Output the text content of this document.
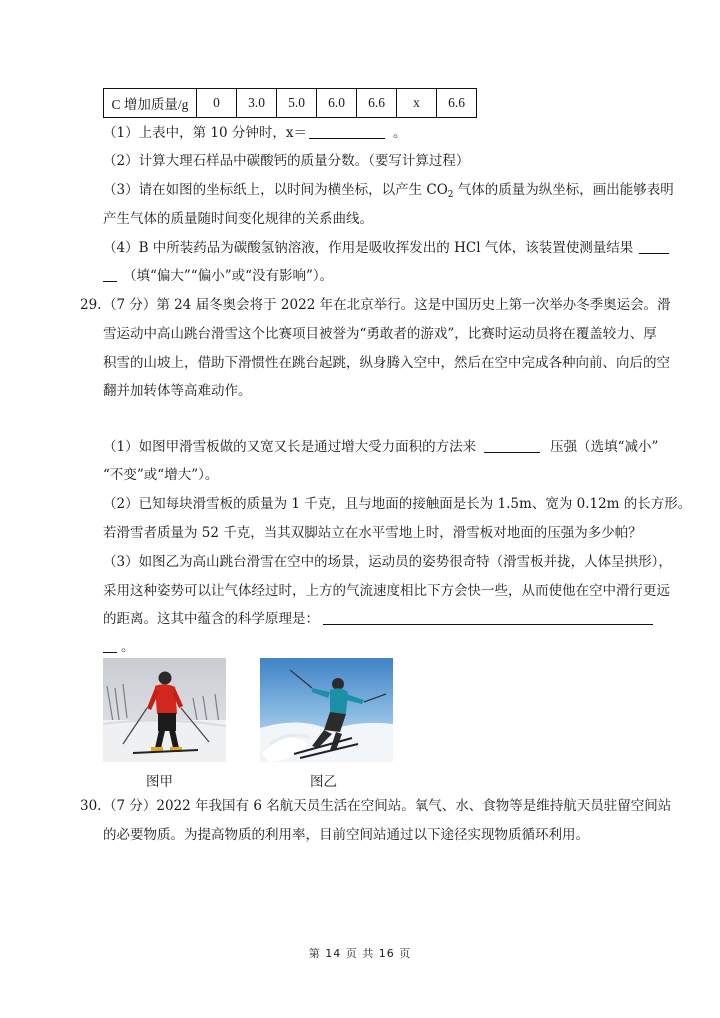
C 增加质量/g	0	3.0	5.0	6.0	6.6	x	6.6
（1）上表中，第 10 分钟时，x＝	。
（2）计算大理石样品中碳酸钙的质量分数。（要写计算过程）
（3）请在如图的坐标纸上，以时间为横坐标，以产生 $CO_2$ 气体的质量为纵坐标，画出能够表明
产生气体的质量随时间变化规律的关系曲线。
（4）B 中所装药品为碳酸氢钠溶液，作用是吸收挥发出的 HCl 气体，该装置使测量结果
（填“偏大”“偏小”或“没有影响”）。
29. （7 分）第 24 届冬奥会将于 2022 年在北京举行。这是中国历史上第一次举办冬季奥运会。滑
雪运动中高山跳台滑雪这个比赛项目被誉为“勇敢者的游戏”，比赛时运动员将在覆盖较力、厚
积雪的山坡上，借助下滑惯性在跳台起跳，纵身腾入空中，然后在空中完成各种向前、向后的空
翻并加转体等高难动作。
（1）如图甲滑雪板做的又宽又长是通过增大受力面积的方法来	压强（选填“减小”
“不变”或“增大”）。
（2）已知每块滑雪板的质量为 1 千克，且与地面的接触面是长为 1.5m、宽为 0.12m 的长方形。
若滑雪者质量为 52 千克，当其双脚站立在水平雪地上时，滑雪板对地面的压强为多少帕？
（3）如图乙为高山跳台滑雪在空中的场景，运动员的姿势很奇特（滑雪板并拢，人体呈拱形），
采用这种姿势可以让气体经过时，上方的气流速度相比下方会快一些，从而使他在空中滑行更远
的距离。这其中蕴含的科学原理是：
。
图甲	图乙
30. （7 分）2022 年我国有 6 名航天员生活在空间站。氧气、水、食物等是维持航天员驻留空间站
的必要物质。为提高物质的利用率，目前空间站通过以下途径实现物质循环利用。
第 14 页 共 16 页
